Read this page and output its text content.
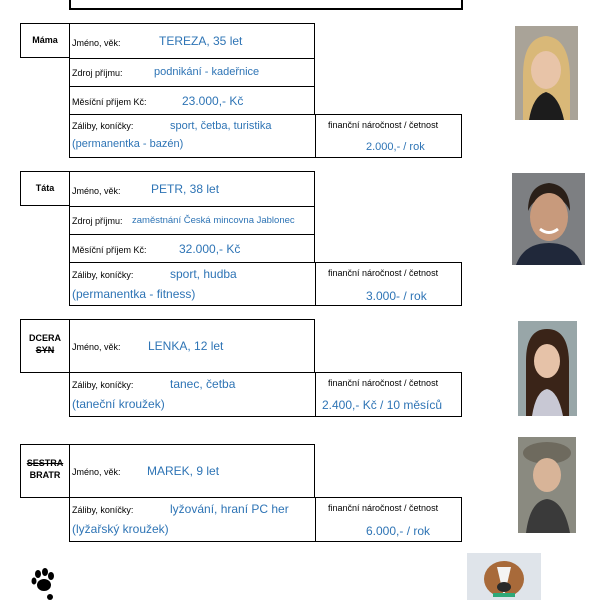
Máma	Jméno, věk:	TEREZA, 35 let
Zdroj příjmu:	podnikání - kadeřnice
Měsíční příjem Kč:	23.000,- Kč
Záliby, koníčky:	sport, četba, turistika
(permanentka - bazén)
finanční náročnost / četnost
2.000,- / rok
Táta	Jméno, věk:	PETR, 38 let
Zdroj příjmu: zaměstnání Česká mincovna Jablonec
Měsíční příjem Kč:	32.000,- Kč
Záliby, koníčky:	sport, hudba
(permanentka - fitness)
finanční náročnost / četnost
3.000- / rok
DCERA
SYN	Jméno, věk: LENKA, 12 let
Záliby, koníčky:	tanec, četba
(taneční kroužek)
finanční náročnost / četnost
2.400,- Kč / 10 měsíců
SESTRA
BRATR	Jméno, věk: MAREK, 9 let
Záliby, koníčky:	lyžování, hraní PC her
(lyžařský kroužek)
finanční náročnost / četnost
6.000,- / rok
